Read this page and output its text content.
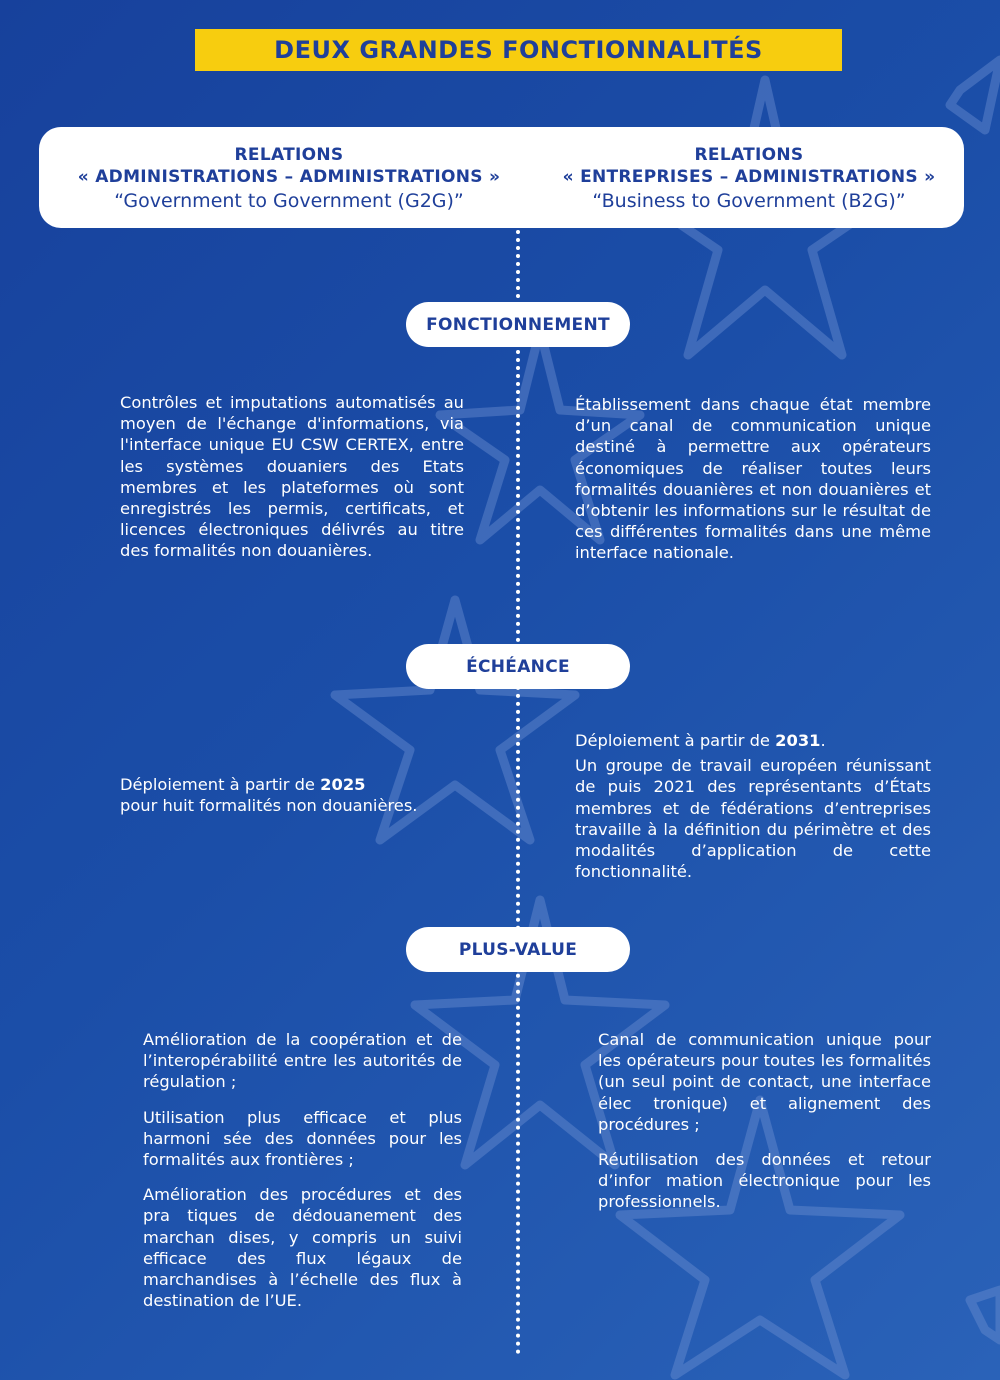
DEUX GRANDES FONCTIONNALITÉS
RELATIONS
« ADMINISTRATIONS – ADMINISTRATIONS »
“Government to Government (G2G)”
RELATIONS
« ENTREPRISES – ADMINISTRATIONS »
“Business to Government (B2G)”
FONCTIONNEMENT
Contrôles et imputations automatisés au moyen de l'échange d'informations, via l'interface unique EU CSW CERTEX, entre les systèmes douaniers des Etats membres et les plateformes où sont enregistrés les permis, certificats, et licences électroniques délivrés au titre des formalités non douanières.
Établissement dans chaque état membre d’un canal de communication unique destiné à permettre aux opérateurs économiques de réaliser toutes leurs formalités douanières et non douanières et d’obtenir les informations sur le résultat de ces différentes formalités dans une même interface nationale.
ÉCHÉANCE
Déploiement à partir de 2025
pour huit formalités non douanières.

Déploiement à partir de 2031.

Un groupe de travail européen réunissant de puis 2021 des représentants d’États membres et de fédérations d’entreprises travaille à la définition du périmètre et des modalités d’application de cette fonctionnalité.

PLUS-VALUE

Amélioration de la coopération et de l’interopérabilité entre les autorités de régulation ;

Utilisation plus efficace et plus harmoni sée des données pour les formalités aux frontières ;

Amélioration des procédures et des pra tiques de dédouanement des marchan dises, y compris un suivi efficace des flux légaux de marchandises à l’échelle des flux à destination de l’UE.

Canal de communication unique pour les opérateurs pour toutes les formalités (un seul point de contact, une interface élec tronique) et alignement des procédures ;

Réutilisation des données et retour d’infor mation électronique pour les professionnels.
